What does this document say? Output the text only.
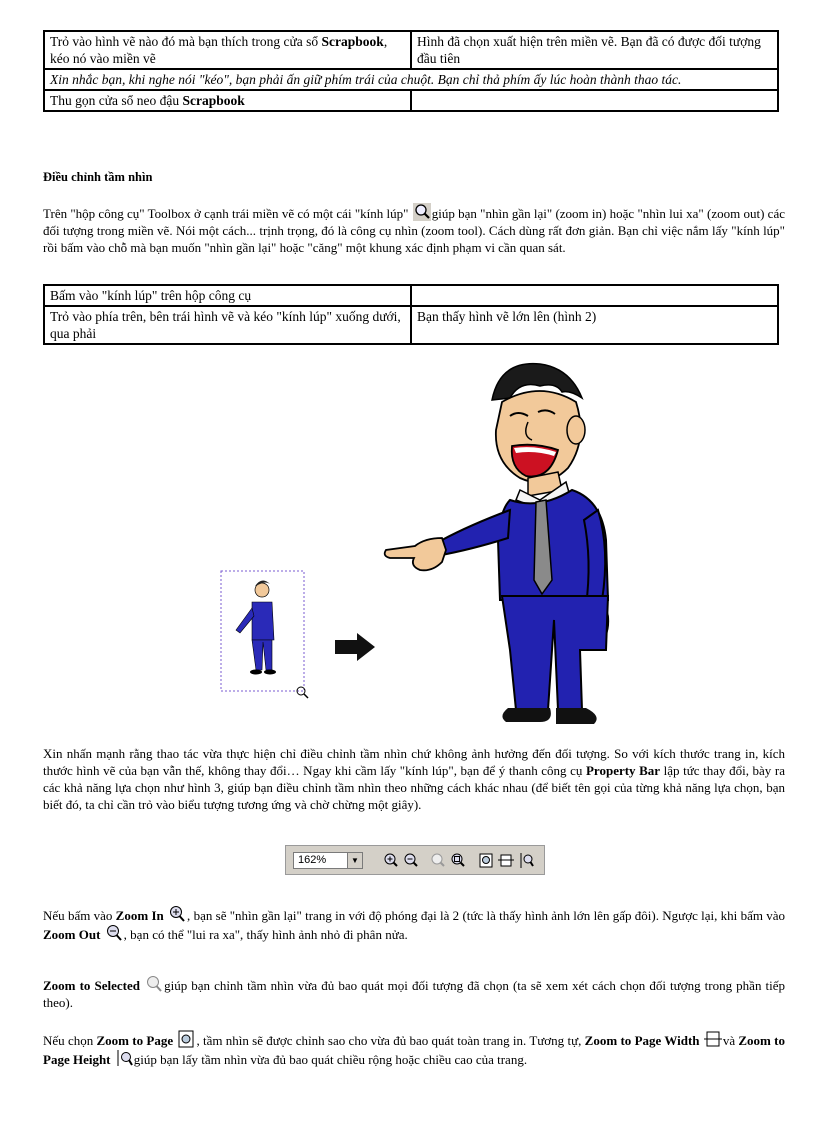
Trỏ vào hình vẽ nào đó mà bạn thích trong cửa sổ Scrapbook, kéo nó vào miền vẽ	Hình đã chọn xuất hiện trên miền vẽ. Bạn đã có được đối tượng đầu tiên
Xin nhắc bạn, khi nghe nói "kéo", bạn phải ấn giữ phím trái của chuột. Bạn chỉ thả phím ấy lúc hoàn thành thao tác.	
Thu gọn cửa sổ neo đậu Scrapbook	
Điều chỉnh tầm nhìn

Trên "hộp công cụ" Toolbox ở cạnh trái miền vẽ có một cái "kính lúp" giúp bạn "nhìn gần lại" (zoom in) hoặc "nhìn lui xa" (zoom out) các đối tượng trong miền vẽ. Nói một cách... trịnh trọng, đó là công cụ nhìn (zoom tool). Cách dùng rất đơn giản. Bạn chỉ việc nắm lấy "kính lúp" rồi bấm vào chỗ mà bạn muốn "nhìn gần lại" hoặc "căng" một khung xác định phạm vi cần quan sát.

Bấm vào "kính lúp" trên hộp công cụ	
Trỏ vào phía trên, bên trái hình vẽ và kéo "kính lúp" xuống dưới, qua phải	Bạn thấy hình vẽ lớn lên (hình 2)

Xin nhấn mạnh rằng thao tác vừa thực hiện chỉ điều chỉnh tầm nhìn chứ không ảnh hưởng đến đối tượng. So với kích thước trang in, kích thước hình vẽ của bạn vẫn thế, không thay đổi… Ngay khi cầm lấy "kính lúp", bạn để ý thanh công cụ Property Bar lập tức thay đổi, bày ra các khả năng lựa chọn như hình 3, giúp bạn điều chỉnh tầm nhìn theo những cách khác nhau (để biết tên gọi của từng khả năng lựa chọn, bạn biết đó, ta chỉ cần trỏ vào biểu tượng tương ứng và chờ chừng một giây).

162%	▼

Nếu bấm vào Zoom In , bạn sẽ "nhìn gần lại" trang in với độ phóng đại là 2 (tức là thấy hình ảnh lớn lên gấp đôi). Ngược lại, khi bấm vào Zoom Out , bạn có thể "lui ra xa", thấy hình ảnh nhỏ đi phân nửa.

Zoom to Selected giúp bạn chỉnh tầm nhìn vừa đủ bao quát mọi đối tượng đã chọn (ta sẽ xem xét cách chọn đối tượng trong phần tiếp theo).

Nếu chọn Zoom to Page , tầm nhìn sẽ được chỉnh sao cho vừa đủ bao quát toàn trang in. Tương tự, Zoom to Page Width và Zoom to Page Height giúp bạn lấy tầm nhìn vừa đủ bao quát chiều rộng hoặc chiều cao của trang.
